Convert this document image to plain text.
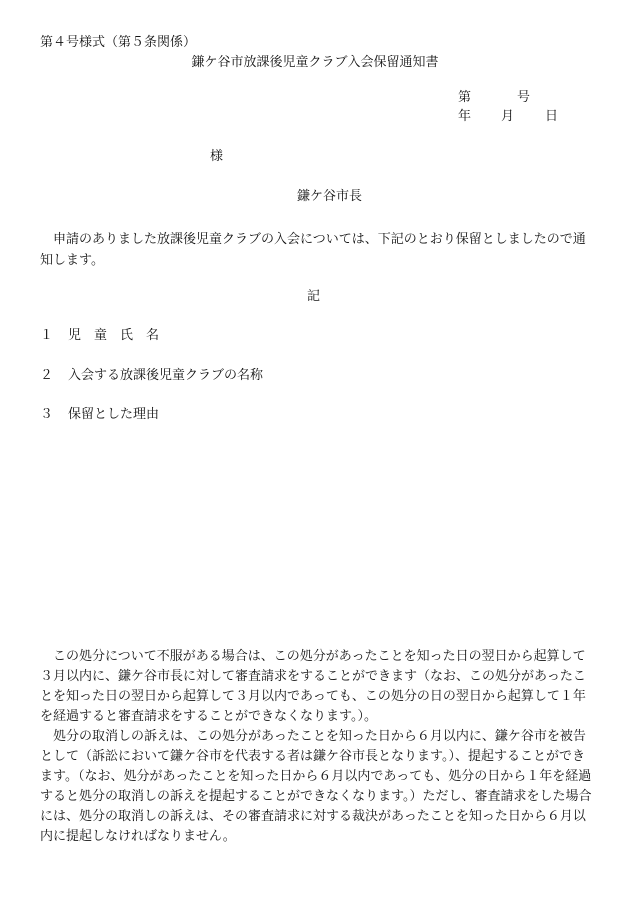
第４号様式（第５条関係）
鎌ケ谷市放課後児童クラブ入会保留通知書
第	号
年	月	日
様
鎌ケ谷市長
申請のありました放課後児童クラブの入会については、下記のとおり保留としましたので通知します。
記
１	児童氏名
２	入会する放課後児童クラブの名称
３	保留とした理由

この処分について不服がある場合は、この処分があったことを知った日の翌日から起算して３月以内に、鎌ケ谷市長に対して審査請求をすることができます（なお、この処分があったことを知った日の翌日から起算して３月以内であっても、この処分の日の翌日から起算して１年を経過すると審査請求をすることができなくなります。）。

処分の取消しの訴えは、この処分があったことを知った日から６月以内に、鎌ケ谷市を被告として（訴訟において鎌ケ谷市を代表する者は鎌ケ谷市長となります。）、提起することができます。（なお、処分があったことを知った日から６月以内であっても、処分の日から１年を経過すると処分の取消しの訴えを提起することができなくなります。）ただし、審査請求をした場合には、処分の取消しの訴えは、その審査請求に対する裁決があったことを知った日から６月以内に提起しなければなりません。
